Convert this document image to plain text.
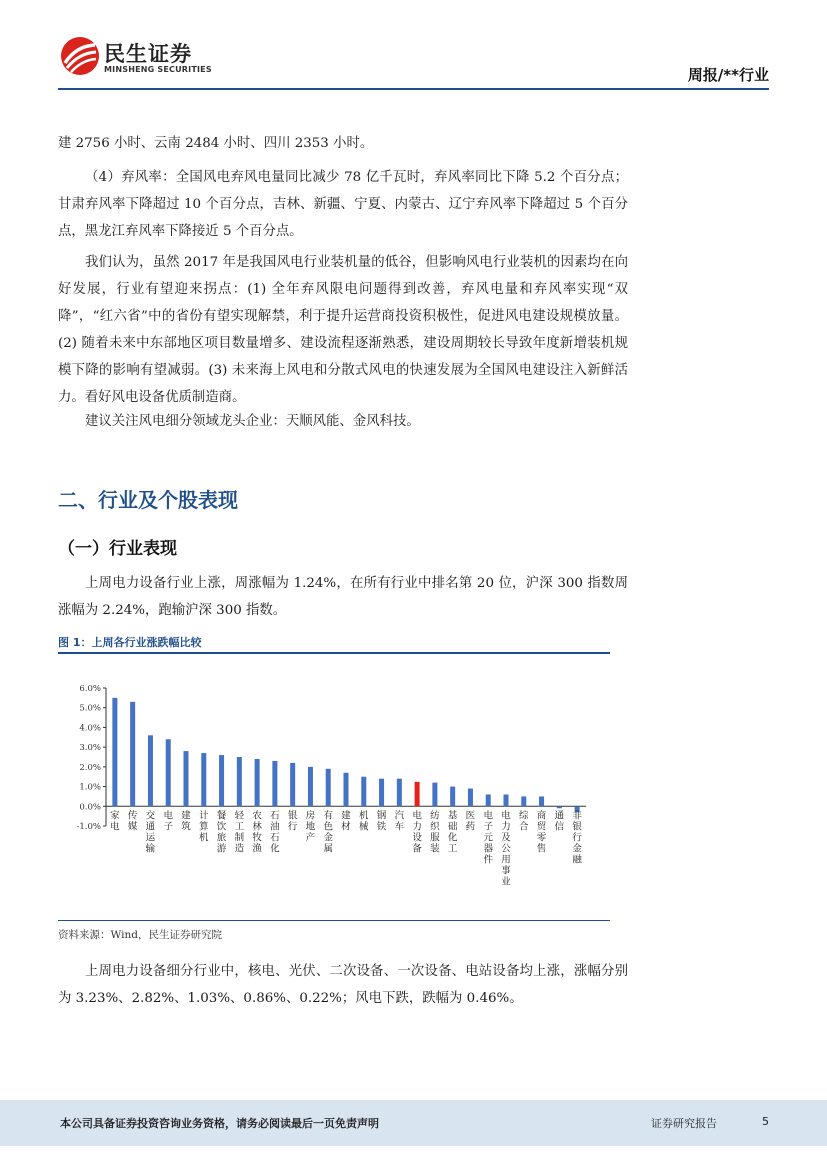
民生证券
MINSHENG SECURITIES	周报/**行业

建 2756 小时、云南 2484 小时、四川 2353 小时。

（4）弃风率：全国风电弃风电量同比减少 78 亿千瓦时，弃风率同比下降 5.2 个百分点；甘肃弃风率下降超过 10 个百分点，吉林、新疆、宁夏、内蒙古、辽宁弃风率下降超过 5 个百分点，黑龙江弃风率下降接近 5 个百分点。

我们认为，虽然 2017 年是我国风电行业装机量的低谷，但影响风电行业装机的因素均在向好发展，行业有望迎来拐点：(1) 全年弃风限电问题得到改善，弃风电量和弃风率实现“双降”，“红六省”中的省份有望实现解禁，利于提升运营商投资积极性，促进风电建设规模放量。(2) 随着未来中东部地区项目数量增多、建设流程逐渐熟悉，建设周期较长导致年度新增装机规模下降的影响有望减弱。(3) 未来海上风电和分散式风电的快速发展为全国风电建设注入新鲜活力。看好风电设备优质制造商。

建议关注风电细分领域龙头企业：天顺风能、金风科技。

二、行业及个股表现
（一）行业表现

上周电力设备行业上涨，周涨幅为 1.24%，在所有行业中排名第 20 位，沪深 300 指数周涨幅为 2.24%，跑输沪深 300 指数。

图 1：上周各行业涨跌幅比较
6.0%
5.0%
4.0%
3.0%
2.0%
1.0%
0.0%
-1.0%
家电
传媒
交通运输
电子
建筑
计算机
餐饮旅游
轻工制造
农林牧渔
石油石化
银行
房地产
有色金属
建材
机械
钢铁
汽车
电力设备
纺织服装
基础化工
医药
电子元器件
电力及公用事业
综合
商贸零售
通信
非银行金融
资料来源：Wind，民生证券研究院

上周电力设备细分行业中，核电、光伏、二次设备、一次设备、电站设备均上涨，涨幅分别为 3.23%、2.82%、1.03%、0.86%、0.22%；风电下跌，跌幅为 0.46%。

本公司具备证券投资咨询业务资格，请务必阅读最后一页免责声明	证券研究报告	5
